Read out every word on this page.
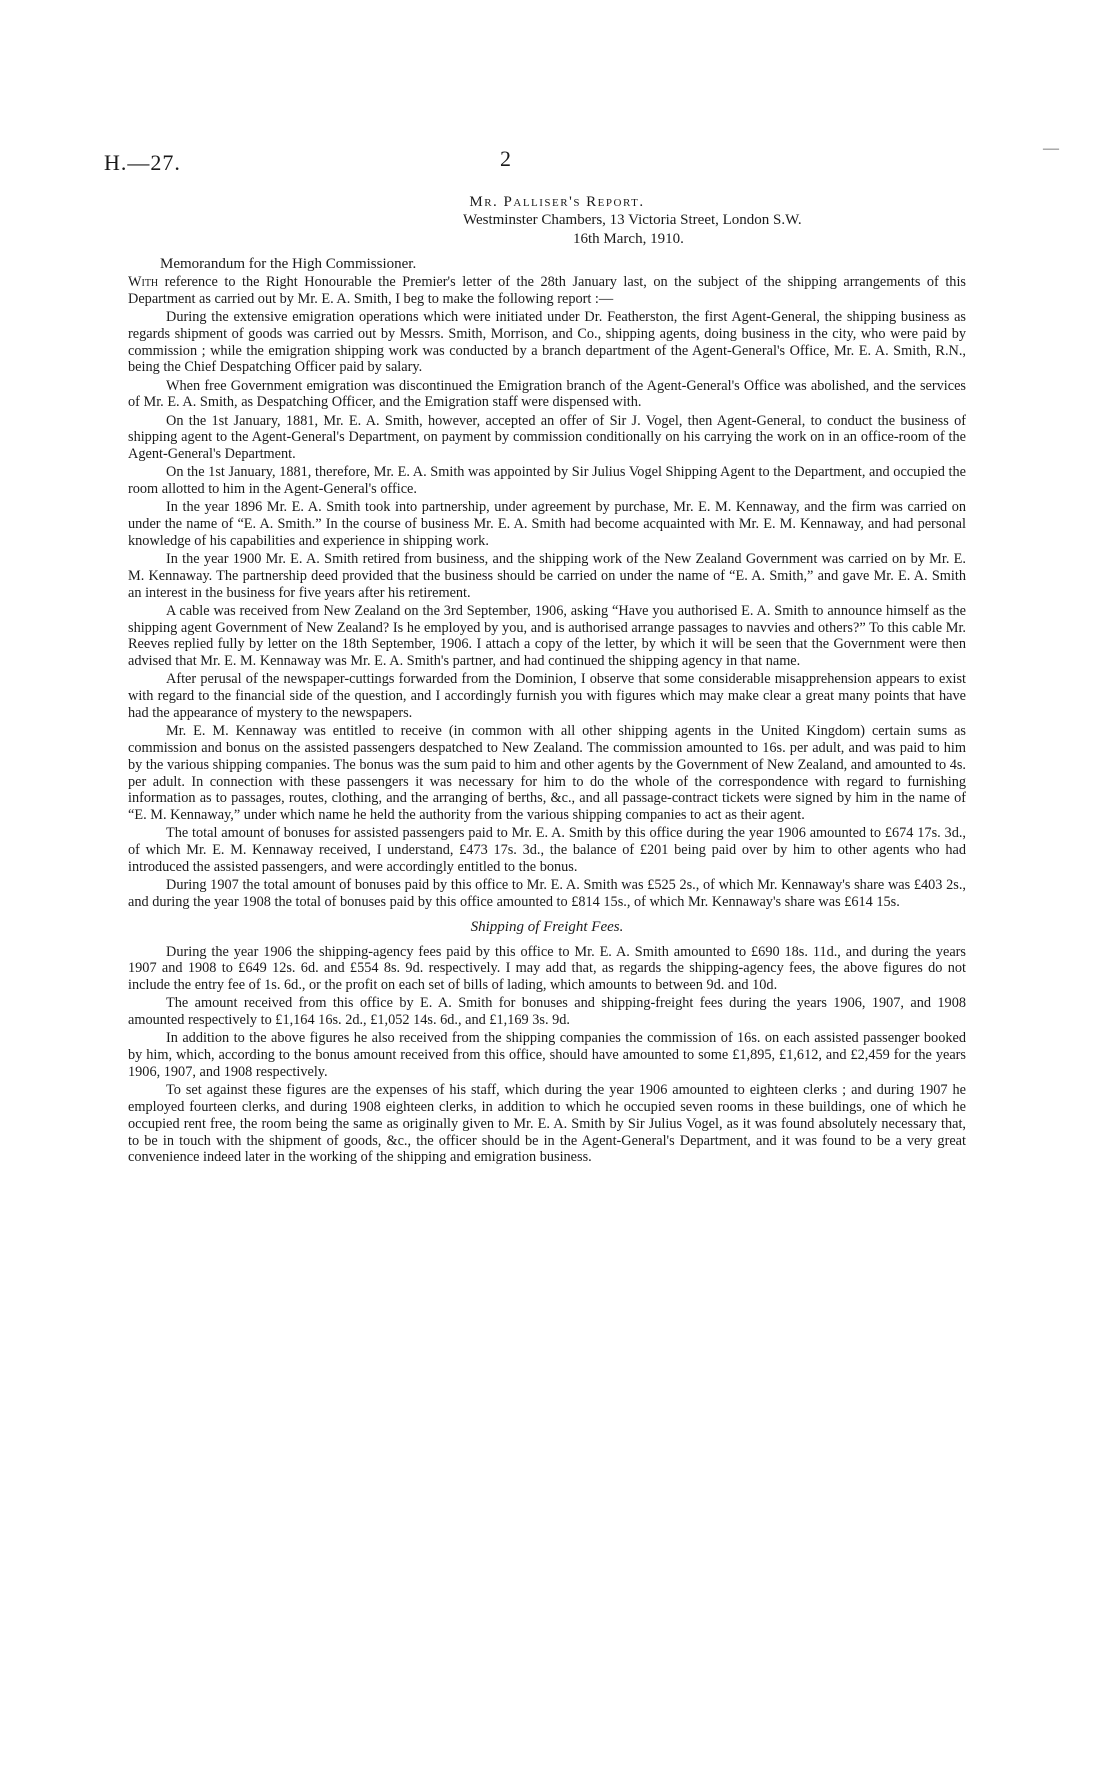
H.—27.	2	—
Mr. Palliser's Report.
Westminster Chambers, 13 Victoria Street, London S.W.
16th March, 1910.
Memorandum for the High Commissioner.

With reference to the Right Honourable the Premier's letter of the 28th January last, on the subject of the shipping arrangements of this Department as carried out by Mr. E. A. Smith, I beg to make the following report :—

During the extensive emigration operations which were initiated under Dr. Featherston, the first Agent-General, the shipping business as regards shipment of goods was carried out by Messrs. Smith, Morrison, and Co., shipping agents, doing business in the city, who were paid by commission ; while the emigration shipping work was conducted by a branch department of the Agent-General's Office, Mr. E. A. Smith, R.N., being the Chief Despatching Officer paid by salary.

When free Government emigration was discontinued the Emigration branch of the Agent-General's Office was abolished, and the services of Mr. E. A. Smith, as Despatching Officer, and the Emigration staff were dispensed with.

On the 1st January, 1881, Mr. E. A. Smith, however, accepted an offer of Sir J. Vogel, then Agent-General, to conduct the business of shipping agent to the Agent-General's Department, on payment by commission conditionally on his carrying the work on in an office-room of the Agent-General's Department.

On the 1st January, 1881, therefore, Mr. E. A. Smith was appointed by Sir Julius Vogel Shipping Agent to the Department, and occupied the room allotted to him in the Agent-General's office.

In the year 1896 Mr. E. A. Smith took into partnership, under agreement by purchase, Mr. E. M. Kennaway, and the firm was carried on under the name of “E. A. Smith.” In the course of business Mr. E. A. Smith had become acquainted with Mr. E. M. Kennaway, and had personal knowledge of his capabilities and experience in shipping work.

In the year 1900 Mr. E. A. Smith retired from business, and the shipping work of the New Zealand Government was carried on by Mr. E. M. Kennaway. The partnership deed provided that the business should be carried on under the name of “E. A. Smith,” and gave Mr. E. A. Smith an interest in the business for five years after his retirement.

A cable was received from New Zealand on the 3rd September, 1906, asking “Have you authorised E. A. Smith to announce himself as the shipping agent Government of New Zealand? Is he employed by you, and is authorised arrange passages to navvies and others?” To this cable Mr. Reeves replied fully by letter on the 18th September, 1906. I attach a copy of the letter, by which it will be seen that the Government were then advised that Mr. E. M. Kennaway was Mr. E. A. Smith's partner, and had continued the shipping agency in that name.

After perusal of the newspaper-cuttings forwarded from the Dominion, I observe that some considerable misapprehension appears to exist with regard to the financial side of the question, and I accordingly furnish you with figures which may make clear a great many points that have had the appearance of mystery to the newspapers.

Mr. E. M. Kennaway was entitled to receive (in common with all other shipping agents in the United Kingdom) certain sums as commission and bonus on the assisted passengers despatched to New Zealand. The commission amounted to 16s. per adult, and was paid to him by the various shipping companies. The bonus was the sum paid to him and other agents by the Government of New Zealand, and amounted to 4s. per adult. In connection with these passengers it was necessary for him to do the whole of the correspondence with regard to furnishing information as to passages, routes, clothing, and the arranging of berths, &c., and all passage-contract tickets were signed by him in the name of “E. M. Kennaway,” under which name he held the authority from the various shipping companies to act as their agent.

The total amount of bonuses for assisted passengers paid to Mr. E. A. Smith by this office during the year 1906 amounted to £674 17s. 3d., of which Mr. E. M. Kennaway received, I understand, £473 17s. 3d., the balance of £201 being paid over by him to other agents who had introduced the assisted passengers, and were accordingly entitled to the bonus.

During 1907 the total amount of bonuses paid by this office to Mr. E. A. Smith was £525 2s., of which Mr. Kennaway's share was £403 2s., and during the year 1908 the total of bonuses paid by this office amounted to £814 15s., of which Mr. Kennaway's share was £614 15s.

Shipping of Freight Fees.

During the year 1906 the shipping-agency fees paid by this office to Mr. E. A. Smith amounted to £690 18s. 11d., and during the years 1907 and 1908 to £649 12s. 6d. and £554 8s. 9d. respectively. I may add that, as regards the shipping-agency fees, the above figures do not include the entry fee of 1s. 6d., or the profit on each set of bills of lading, which amounts to between 9d. and 10d.

The amount received from this office by E. A. Smith for bonuses and shipping-freight fees during the years 1906, 1907, and 1908 amounted respectively to £1,164 16s. 2d., £1,052 14s. 6d., and £1,169 3s. 9d.

In addition to the above figures he also received from the shipping companies the commission of 16s. on each assisted passenger booked by him, which, according to the bonus amount received from this office, should have amounted to some £1,895, £1,612, and £2,459 for the years 1906, 1907, and 1908 respectively.

To set against these figures are the expenses of his staff, which during the year 1906 amounted to eighteen clerks ; and during 1907 he employed fourteen clerks, and during 1908 eighteen clerks, in addition to which he occupied seven rooms in these buildings, one of which he occupied rent free, the room being the same as originally given to Mr. E. A. Smith by Sir Julius Vogel, as it was found absolutely necessary that, to be in touch with the shipment of goods, &c., the officer should be in the Agent-General's Department, and it was found to be a very great convenience indeed later in the working of the shipping and emigration business.
